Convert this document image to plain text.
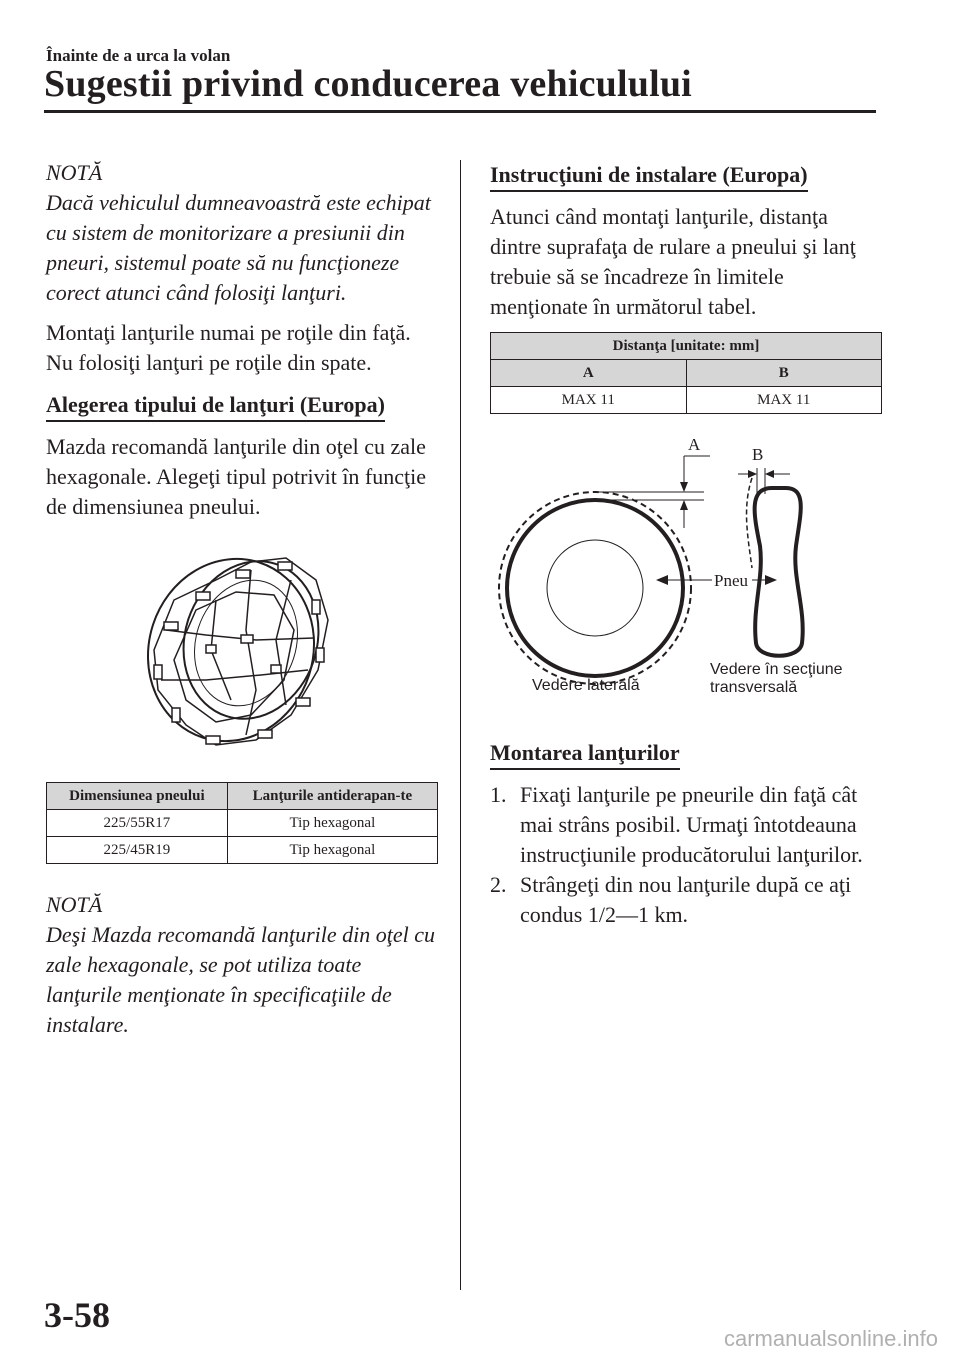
Înainte de a urca la volan
Sugestii privind conducerea vehiculului

NOTĂ

Dacă vehiculul dumneavoastră este echipat cu sistem de monitorizare a presiunii din pneuri, sistemul poate să nu funcţioneze corect atunci când folosiţi lanţuri.

Montaţi lanţurile numai pe roţile din faţă. Nu folosiţi lanţuri pe roţile din spate.

Alegerea tipului de lanţuri (Europa)

Mazda recomandă lanţurile din oţel cu zale hexagonale. Alegeţi tipul potrivit în funcţie de dimensiunea pneului.

Dimensiunea pneului	Lanţurile antiderapan-te
225/55R17	Tip hexagonal
225/45R19	Tip hexagonal

NOTĂ

Deşi Mazda recomandă lanţurile din oţel cu zale hexagonale, se pot utiliza toate lanţurile menţionate în specificaţiile de instalare.

Instrucţiuni de instalare (Europa)

Atunci când montaţi lanţurile, distanţa dintre suprafaţa de rulare a pneului şi lanţ trebuie să se încadreze în limitele menţionate în următorul tabel.

Distanţa [unitate: mm]	
A	B
MAX 11	MAX 11
A
B
Pneu
Vedere laterală
Vedere în secţiune
transversală
Montarea lanţurilor
1. Fixaţi lanţurile pe pneurile din faţă cât mai strâns posibil. Urmaţi întotdeauna instrucţiunile producătorului lanţurilor.
2. Strângeţi din nou lanţurile după ce aţi condus 1/2—1 km.
3-58
carmanualsonline.info
